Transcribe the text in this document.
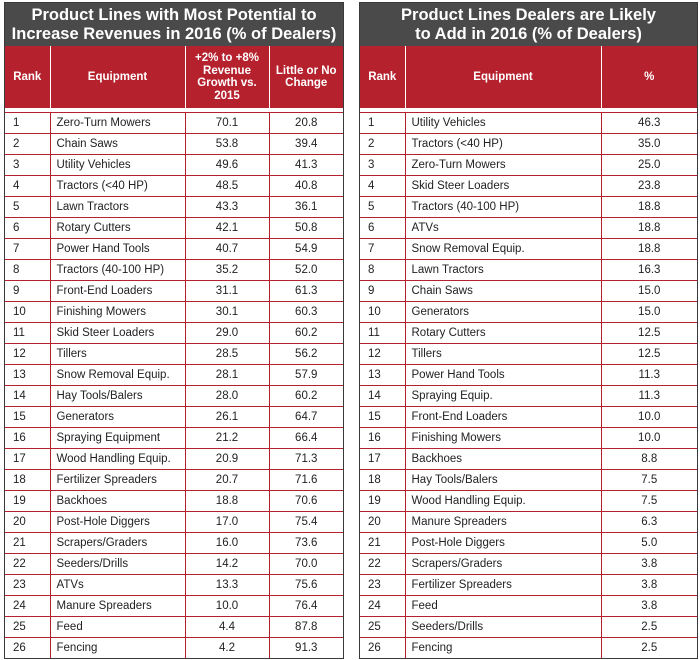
Product Lines with Most Potential to
Increase Revenues in 2016 (% of Dealers)
Rank	Equipment	+2% to +8% Revenue Growth vs. 2015	Little or No Change

1	Zero-Turn Mowers	70.1	20.8
2	Chain Saws	53.8	39.4
3	Utility Vehicles	49.6	41.3
4	Tractors (<40 HP)	48.5	40.8
5	Lawn Tractors	43.3	36.1
6	Rotary Cutters	42.1	50.8
7	Power Hand Tools	40.7	54.9
8	Tractors (40-100 HP)	35.2	52.0
9	Front-End Loaders	31.1	61.3
10	Finishing Mowers	30.1	60.3
11	Skid Steer Loaders	29.0	60.2
12	Tillers	28.5	56.2
13	Snow Removal Equip.	28.1	57.9
14	Hay Tools/Balers	28.0	60.2
15	Generators	26.1	64.7
16	Spraying Equipment	21.2	66.4
17	Wood Handling Equip.	20.9	71.3
18	Fertilizer Spreaders	20.7	71.6
19	Backhoes	18.8	70.6
20	Post-Hole Diggers	17.0	75.4
21	Scrapers/Graders	16.0	73.6
22	Seeders/Drills	14.2	70.0
23	ATVs	13.3	75.6
24	Manure Spreaders	10.0	76.4
25	Feed	4.4	87.8
26	Fencing	4.2	91.3
Product Lines Dealers are Likely
to Add in 2016 (% of Dealers)
Rank	Equipment	%

1	Utility Vehicles	46.3
2	Tractors (<40 HP)	35.0
3	Zero-Turn Mowers	25.0
4	Skid Steer Loaders	23.8
5	Tractors (40-100 HP)	18.8
6	ATVs	18.8
7	Snow Removal Equip.	18.8
8	Lawn Tractors	16.3
9	Chain Saws	15.0
10	Generators	15.0
11	Rotary Cutters	12.5
12	Tillers	12.5
13	Power Hand Tools	11.3
14	Spraying Equip.	11.3
15	Front-End Loaders	10.0
16	Finishing Mowers	10.0
17	Backhoes	8.8
18	Hay Tools/Balers	7.5
19	Wood Handling Equip.	7.5
20	Manure Spreaders	6.3
21	Post-Hole Diggers	5.0
22	Scrapers/Graders	3.8
23	Fertilizer Spreaders	3.8
24	Feed	3.8
25	Seeders/Drills	2.5
26	Fencing	2.5
